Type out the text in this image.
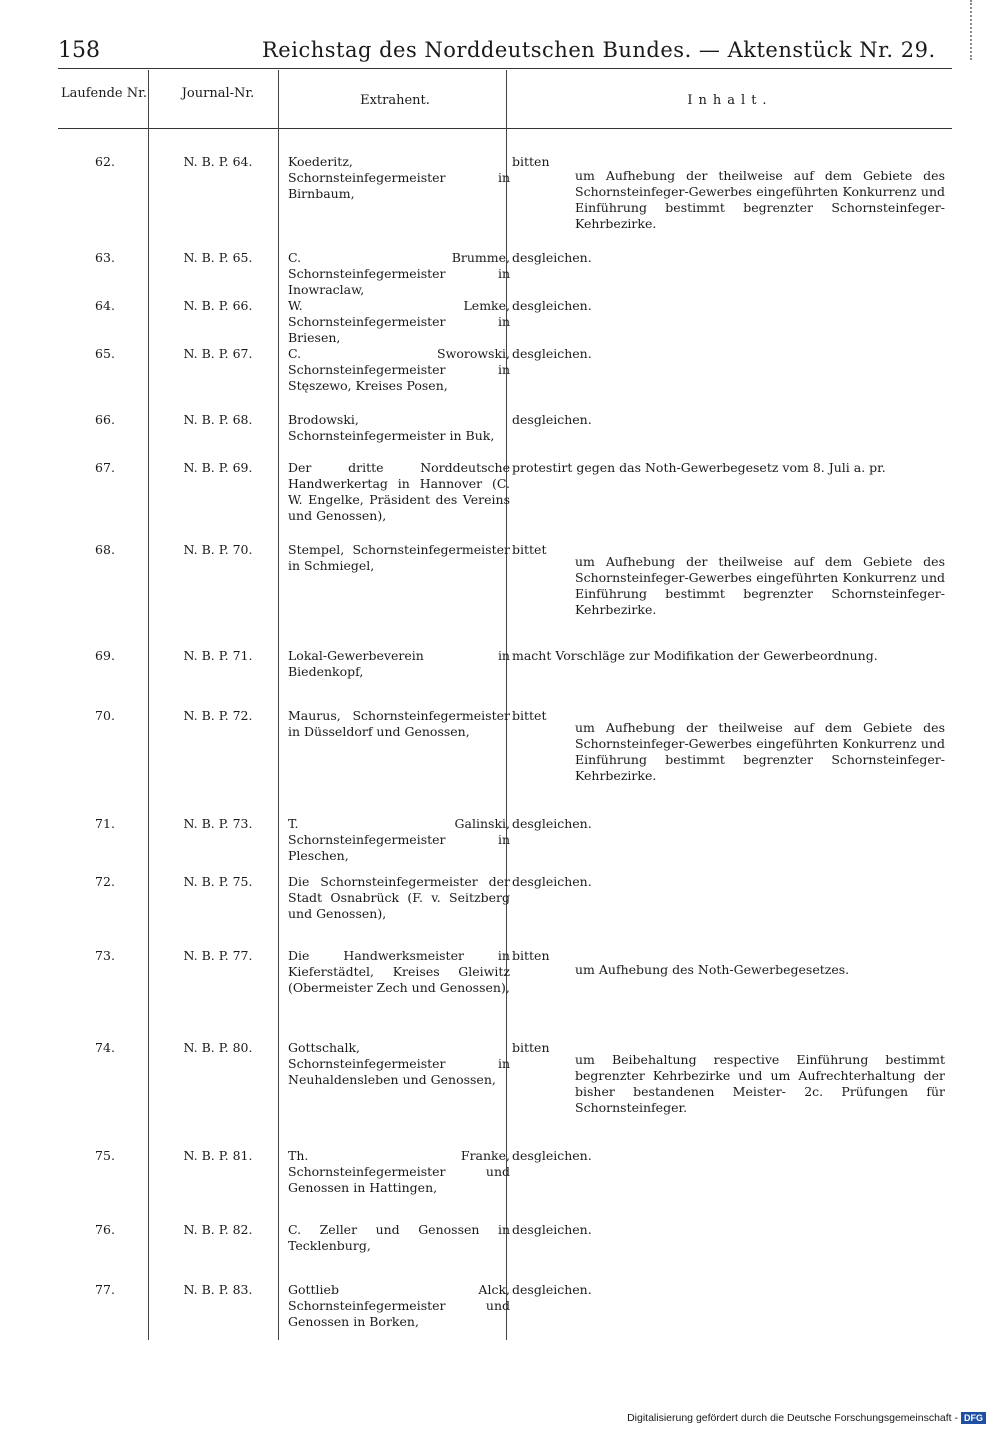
158	Reichstag des Norddeutschen Bundes. — Aktenstück Nr. 29.
Laufende Nr.	Journal-Nr.	Extrahent.	Inhalt.
62.	N. B. P. 64.	Koederitz, Schornsteinfegermeister in Birnbaum,
bitten
um Aufhebung der theilweise auf dem Gebiete des Schornsteinfeger-Gewerbes eingeführten Konkurrenz und Einführung bestimmt begrenzter Schornsteinfeger-Kehrbezirke.
63.	N. B. P. 65.	C. Brumme, Schornsteinfegermeister in Inowraclaw,
desgleichen.
64.	N. B. P. 66.	W. Lemke, Schornsteinfegermeister in Briesen,
desgleichen.
65.	N. B. P. 67.	C. Sworowski, Schornsteinfegermeister in Stęszewo, Kreises Posen,
desgleichen.
66.	N. B. P. 68.	Brodowski, Schornsteinfegermeister in Buk,
desgleichen.
67.	N. B. P. 69.	Der dritte Norddeutsche Handwerkertag in Hannover (C. W. Engelke, Präsident des Vereins und Genossen),
protestirt gegen das Noth-Gewerbegesetz vom 8. Juli a. pr.
68.	N. B. P. 70.	Stempel, Schornsteinfegermeister in Schmiegel,
bittet
um Aufhebung der theilweise auf dem Gebiete des Schornsteinfeger-Gewerbes eingeführten Konkurrenz und Einführung bestimmt begrenzter Schornsteinfeger-Kehrbezirke.
69.	N. B. P. 71.	Lokal-Gewerbeverein in Biedenkopf,
macht Vorschläge zur Modifikation der Gewerbeordnung.
70.	N. B. P. 72.	Maurus, Schornsteinfegermeister in Düsseldorf und Genossen,
bittet
um Aufhebung der theilweise auf dem Gebiete des Schornsteinfeger-Gewerbes eingeführten Konkurrenz und Einführung bestimmt begrenzter Schornsteinfeger-Kehrbezirke.
71.	N. B. P. 73.	T. Galinski, Schornsteinfegermeister in Pleschen,
desgleichen.
72.	N. B. P. 75.	Die Schornsteinfegermeister der Stadt Osnabrück (F. v. Seitzberg und Genossen),
desgleichen.
73.	N. B. P. 77.	Die Handwerksmeister in Kieferstädtel, Kreises Gleiwitz (Obermeister Zech und Genossen),
bitten
um Aufhebung des Noth-Gewerbegesetzes.
74.	N. B. P. 80.	Gottschalk, Schornsteinfegermeister in Neuhaldensleben und Genossen,
bitten
um Beibehaltung respective Einführung bestimmt begrenzter Kehrbezirke und um Aufrechterhaltung der bisher bestandenen Meister- 2c. Prüfungen für Schornsteinfeger.
75.	N. B. P. 81.	Th. Franke, Schornsteinfegermeister und Genossen in Hattingen,
desgleichen.
76.	N. B. P. 82.	C. Zeller und Genossen in Tecklenburg,
desgleichen.
77.	N. B. P. 83.	Gottlieb Alck, Schornsteinfegermeister und Genossen in Borken,
desgleichen.
Digitalisierung gefördert durch die Deutsche Forschungsgemeinschaft - DFG
